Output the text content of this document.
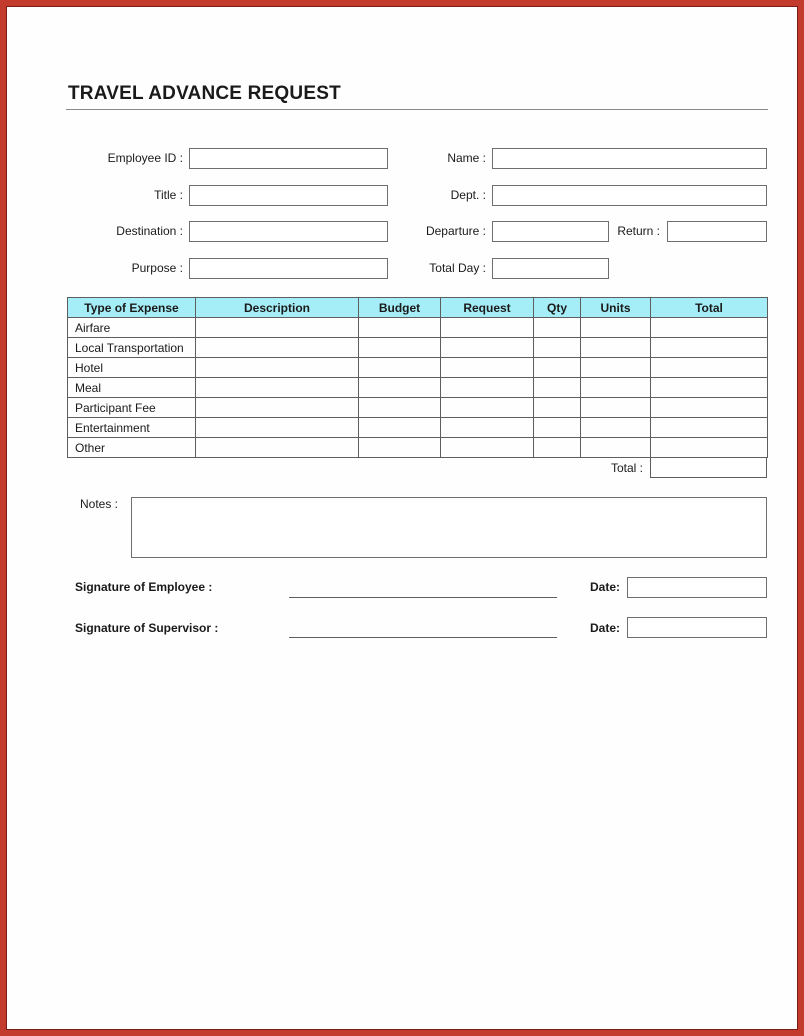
TRAVEL ADVANCE REQUEST
Employee ID :	Name :
Title :	Dept. :
Destination :	Departure :	Return :
Purpose :	Total Day :
Type of Expense	Description	Budget	Request	Qty	Units	Total
Airfare						
Local Transportation						
Hotel						
Meal						
Participant Fee						
Entertainment						
Other						
Total :
Notes :
Signature of Employee :	Date:
Signature of Supervisor :	Date:
